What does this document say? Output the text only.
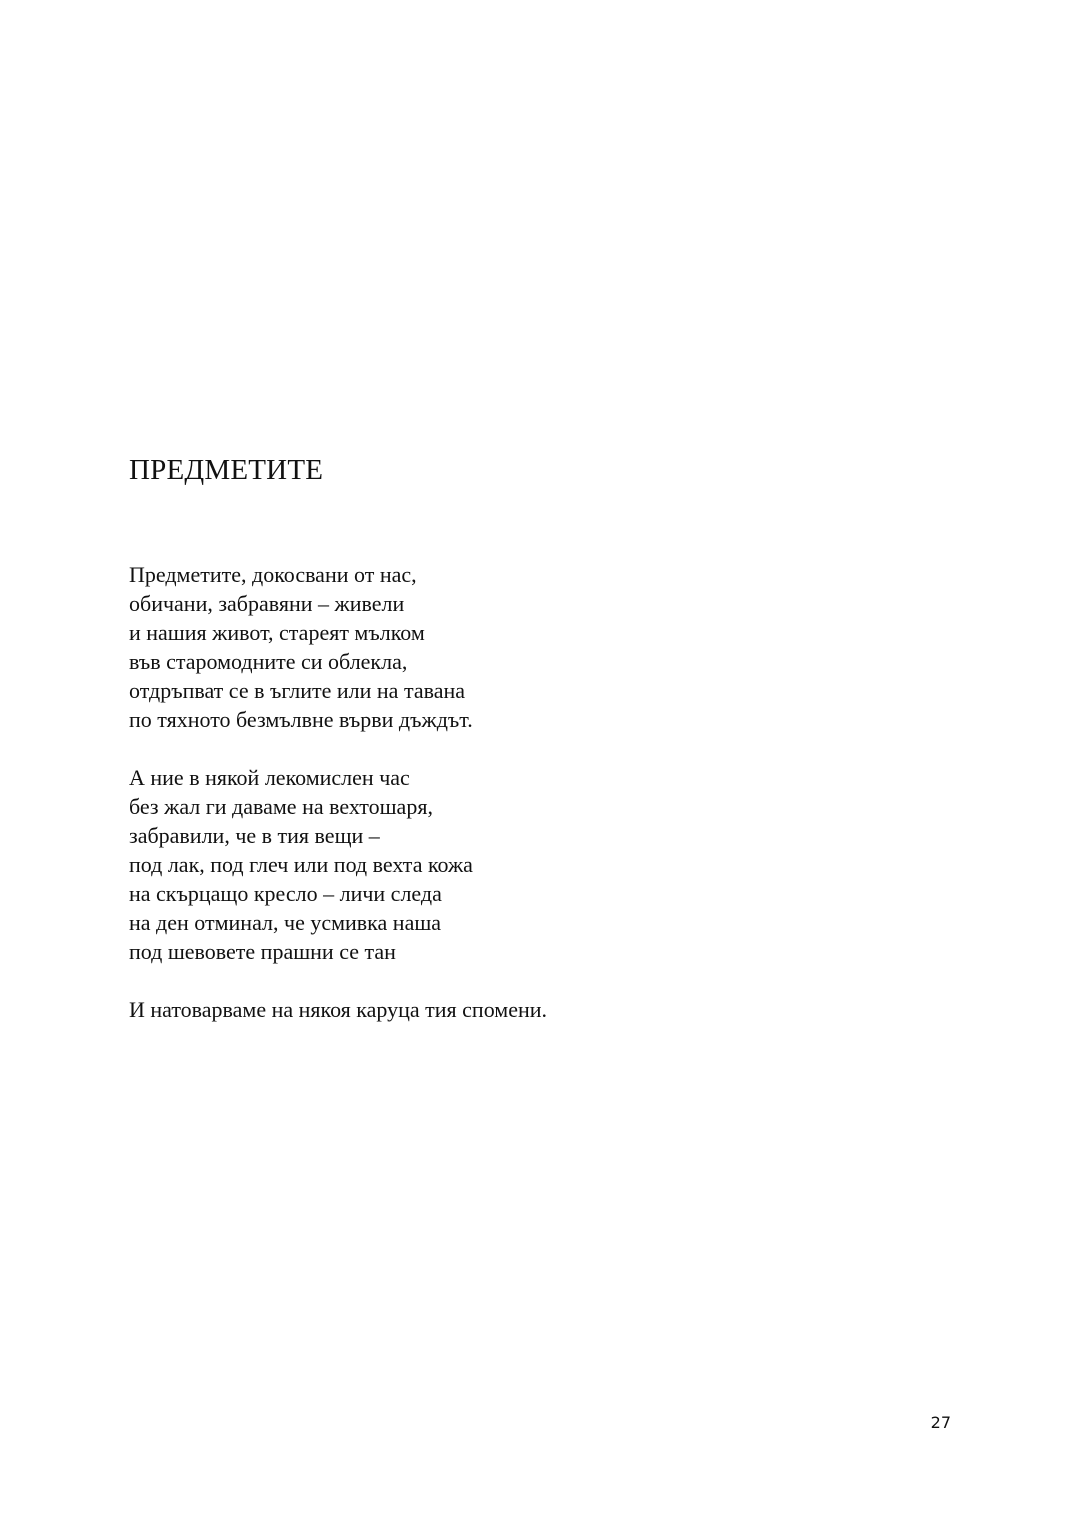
ПРЕДМЕТИТЕ
Предметите, докосвани от нас,
обичани, забравяни – живели
и нашия живот, стареят мълком
във старомодните си облекла,
отдръпват се в ъглите или на тавана
по тяхното безмълвне върви дъждът.
А ние в някой лекомислен час
без жал ги даваме на вехтошаря,
забравили, че в тия вещи –
под лак, под глеч или под вехта кожа
на скърцащо кресло – личи следа
на ден отминал, че усмивка наша
под шевовете прашни се тан
И натоварваме на някоя каруца тия спомени.
27
